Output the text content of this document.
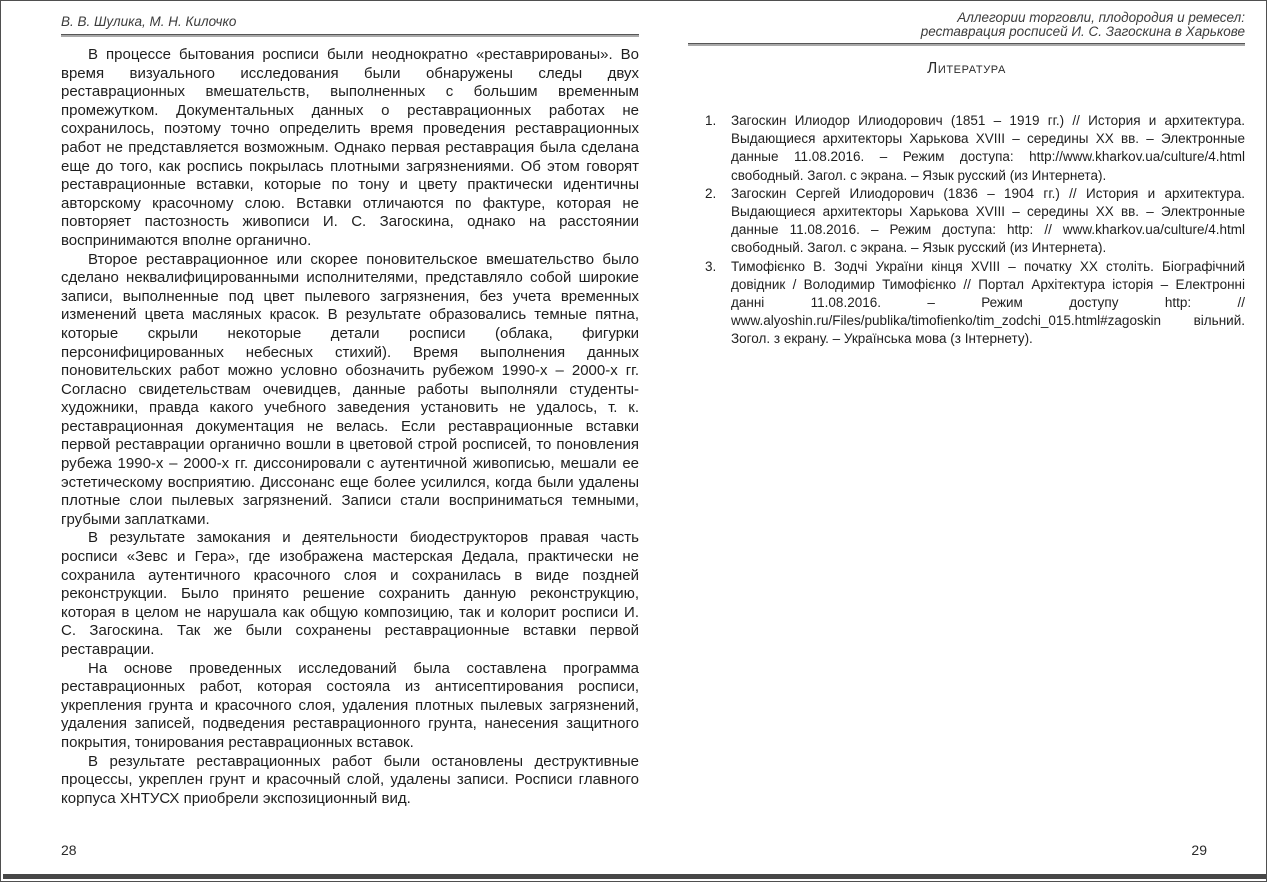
В. В. Шулика, М. Н. Килочко

В процессе бытования росписи были неоднократно «реставрированы». Во время визуального исследования были обнаружены следы двух реставрационных вмешательств, выполненных с большим временным промежутком. Документальных данных о реставрационных работах не сохранилось, поэтому точно определить время проведения реставрационных работ не представляется возможным. Однако первая реставрация была сделана еще до того, как роспись покрылась плотными загрязнениями. Об этом говорят реставрационные вставки, которые по тону и цвету практически идентичны авторскому красочному слою. Вставки отличаются по фактуре, которая не повторяет пастозность живописи И. С. Загоскина, однако на расстоянии воспринимаются вполне органично.

Второе реставрационное или скорее поновительское вмешательство было сделано неквалифицированными исполнителями, представляло собой широкие записи, выполненные под цвет пылевого загрязнения, без учета временных изменений цвета масляных красок. В результате образовались темные пятна, которые скрыли некоторые детали росписи (облака, фигурки персонифицированных небесных стихий). Время выполнения данных поновительских работ можно условно обозначить рубежом 1990-х – 2000-х гг. Согласно свидетельствам очевидцев, данные работы выполняли студенты-художники, правда какого учебного заведения установить не удалось, т. к. реставрационная документация не велась. Если реставрационные вставки первой реставрации органично вошли в цветовой строй росписей, то поновления рубежа 1990-х – 2000-х гг. диссонировали с аутентичной живописью, мешали ее эстетическому восприятию. Диссонанс еще более усилился, когда были удалены плотные слои пылевых загрязнений. Записи стали восприниматься темными, грубыми заплатками.

В результате замокания и деятельности биодеструкторов правая часть росписи «Зевс и Гера», где изображена мастерская Дедала, практически не сохранила аутентичного красочного слоя и сохранилась в виде поздней реконструкции. Было принято решение сохранить данную реконструкцию, которая в целом не нарушала как общую композицию, так и колорит росписи И. С. Загоскина. Так же были сохранены реставрационные вставки первой реставрации.

На основе проведенных исследований была составлена программа реставрационных работ, которая состояла из антисептирования росписи, укрепления грунта и красочного слоя, удаления плотных пылевых загрязнений, удаления записей, подведения реставрационного грунта, нанесения защитного покрытия, тонирования реставрационных вставок.

В результате реставрационных работ были остановлены деструктивные процессы, укреплен грунт и красочный слой, удалены записи. Росписи главного корпуса ХНТУСХ приобрели экспозиционный вид.

Аллегории торговли, плодородия и ремесел:
реставрация росписей И. С. Загоскина в Харькове
Литература
1. Загоскин Илиодор Илиодорович (1851 – 1919 гг.) // История и архитектура. Выдающиеся архитекторы Харькова XVIII – середины XX вв. – Электронные данные 11.08.2016. – Режим доступа: http://www.kharkov.ua/culture/4.html свободный. Загол. с экрана. – Язык русский (из Интернета).
2. Загоскин Сергей Илиодорович (1836 – 1904 гг.) // История и архитектура. Выдающиеся архитекторы Харькова XVIII – середины XX вв. – Электронные данные 11.08.2016. – Режим доступа: http: // www.kharkov.ua/culture/4.html свободный. Загол. с экрана. – Язык русский (из Интернета).
3. Тимофієнко В. Зодчі України кінця XVIII – початку XX століть. Біографічний довідник / Володимир Тимофієнко // Портал Архітектура історія – Електронні данні 11.08.2016. – Режим доступу http: // www.alyoshin.ru/Files/publika/timofienko/tim_zodchi_015.html#zagoskin вільний. Зогол. з екрану. – Українська мова (з Інтернету).
28	29
